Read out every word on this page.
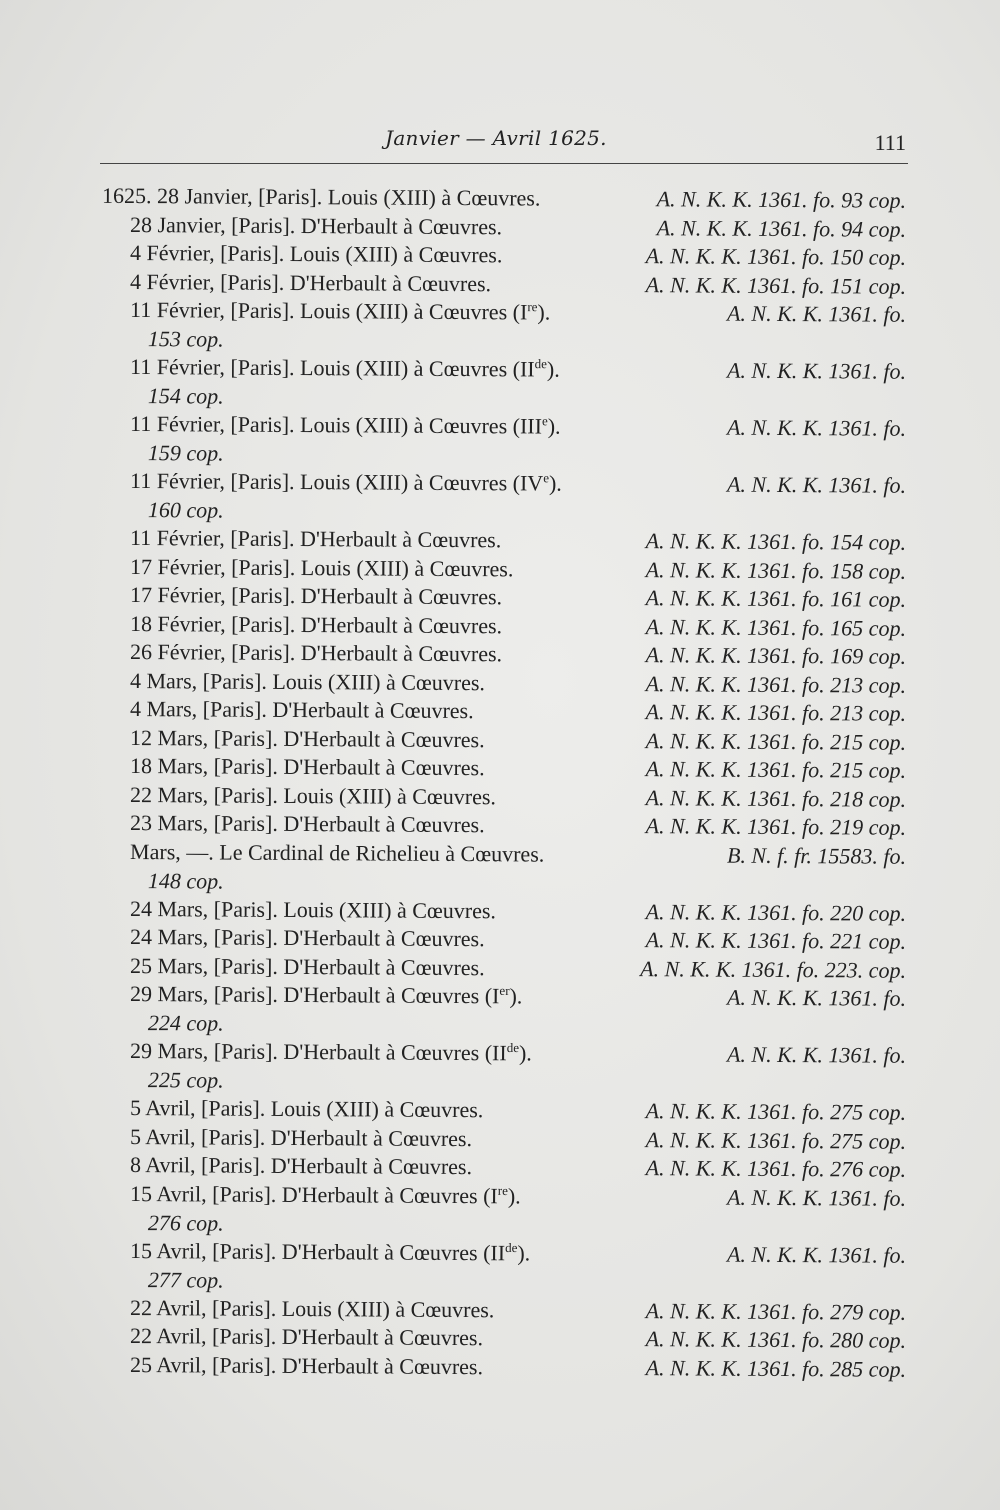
Janvier — Avril 1625.	111
1625. 28 Janvier, [Paris]. Louis (XIII) à Cœuvres.	A. N. K. K. 1361. fo. 93 cop.
28 Janvier, [Paris]. D'Herbault à Cœuvres.	A. N. K. K. 1361. fo. 94 cop.
4 Février, [Paris]. Louis (XIII) à Cœuvres.	A. N. K. K. 1361. fo. 150 cop.
4 Février, [Paris]. D'Herbault à Cœuvres.	A. N. K. K. 1361. fo. 151 cop.
11 Février, [Paris]. Louis (XIII) à Cœuvres (Ire).	A. N. K. K. 1361. fo.
153 cop.
11 Février, [Paris]. Louis (XIII) à Cœuvres (IIde).	A. N. K. K. 1361. fo.
154 cop.
11 Février, [Paris]. Louis (XIII) à Cœuvres (IIIe).	A. N. K. K. 1361. fo.
159 cop.
11 Février, [Paris]. Louis (XIII) à Cœuvres (IVe).	A. N. K. K. 1361. fo.
160 cop.
11 Février, [Paris]. D'Herbault à Cœuvres.	A. N. K. K. 1361. fo. 154 cop.
17 Février, [Paris]. Louis (XIII) à Cœuvres.	A. N. K. K. 1361. fo. 158 cop.
17 Février, [Paris]. D'Herbault à Cœuvres.	A. N. K. K. 1361. fo. 161 cop.
18 Février, [Paris]. D'Herbault à Cœuvres.	A. N. K. K. 1361. fo. 165 cop.
26 Février, [Paris]. D'Herbault à Cœuvres.	A. N. K. K. 1361. fo. 169 cop.
4 Mars, [Paris]. Louis (XIII) à Cœuvres.	A. N. K. K. 1361. fo. 213 cop.
4 Mars, [Paris]. D'Herbault à Cœuvres.	A. N. K. K. 1361. fo. 213 cop.
12 Mars, [Paris]. D'Herbault à Cœuvres.	A. N. K. K. 1361. fo. 215 cop.
18 Mars, [Paris]. D'Herbault à Cœuvres.	A. N. K. K. 1361. fo. 215 cop.
22 Mars, [Paris]. Louis (XIII) à Cœuvres.	A. N. K. K. 1361. fo. 218 cop.
23 Mars, [Paris]. D'Herbault à Cœuvres.	A. N. K. K. 1361. fo. 219 cop.
Mars, —. Le Cardinal de Richelieu à Cœuvres.	B. N. f. fr. 15583. fo.
148 cop.
24 Mars, [Paris]. Louis (XIII) à Cœuvres.	A. N. K. K. 1361. fo. 220 cop.
24 Mars, [Paris]. D'Herbault à Cœuvres.	A. N. K. K. 1361. fo. 221 cop.
25 Mars, [Paris]. D'Herbault à Cœuvres.	A. N. K. K. 1361. fo. 223. cop.
29 Mars, [Paris]. D'Herbault à Cœuvres (Ier).	A. N. K. K. 1361. fo.
224 cop.
29 Mars, [Paris]. D'Herbault à Cœuvres (IIde).	A. N. K. K. 1361. fo.
225 cop.
5 Avril, [Paris]. Louis (XIII) à Cœuvres.	A. N. K. K. 1361. fo. 275 cop.
5 Avril, [Paris]. D'Herbault à Cœuvres.	A. N. K. K. 1361. fo. 275 cop.
8 Avril, [Paris]. D'Herbault à Cœuvres.	A. N. K. K. 1361. fo. 276 cop.
15 Avril, [Paris]. D'Herbault à Cœuvres (Ire).	A. N. K. K. 1361. fo.
276 cop.
15 Avril, [Paris]. D'Herbault à Cœuvres (IIde).	A. N. K. K. 1361. fo.
277 cop.
22 Avril, [Paris]. Louis (XIII) à Cœuvres.	A. N. K. K. 1361. fo. 279 cop.
22 Avril, [Paris]. D'Herbault à Cœuvres.	A. N. K. K. 1361. fo. 280 cop.
25 Avril, [Paris]. D'Herbault à Cœuvres.	A. N. K. K. 1361. fo. 285 cop.
